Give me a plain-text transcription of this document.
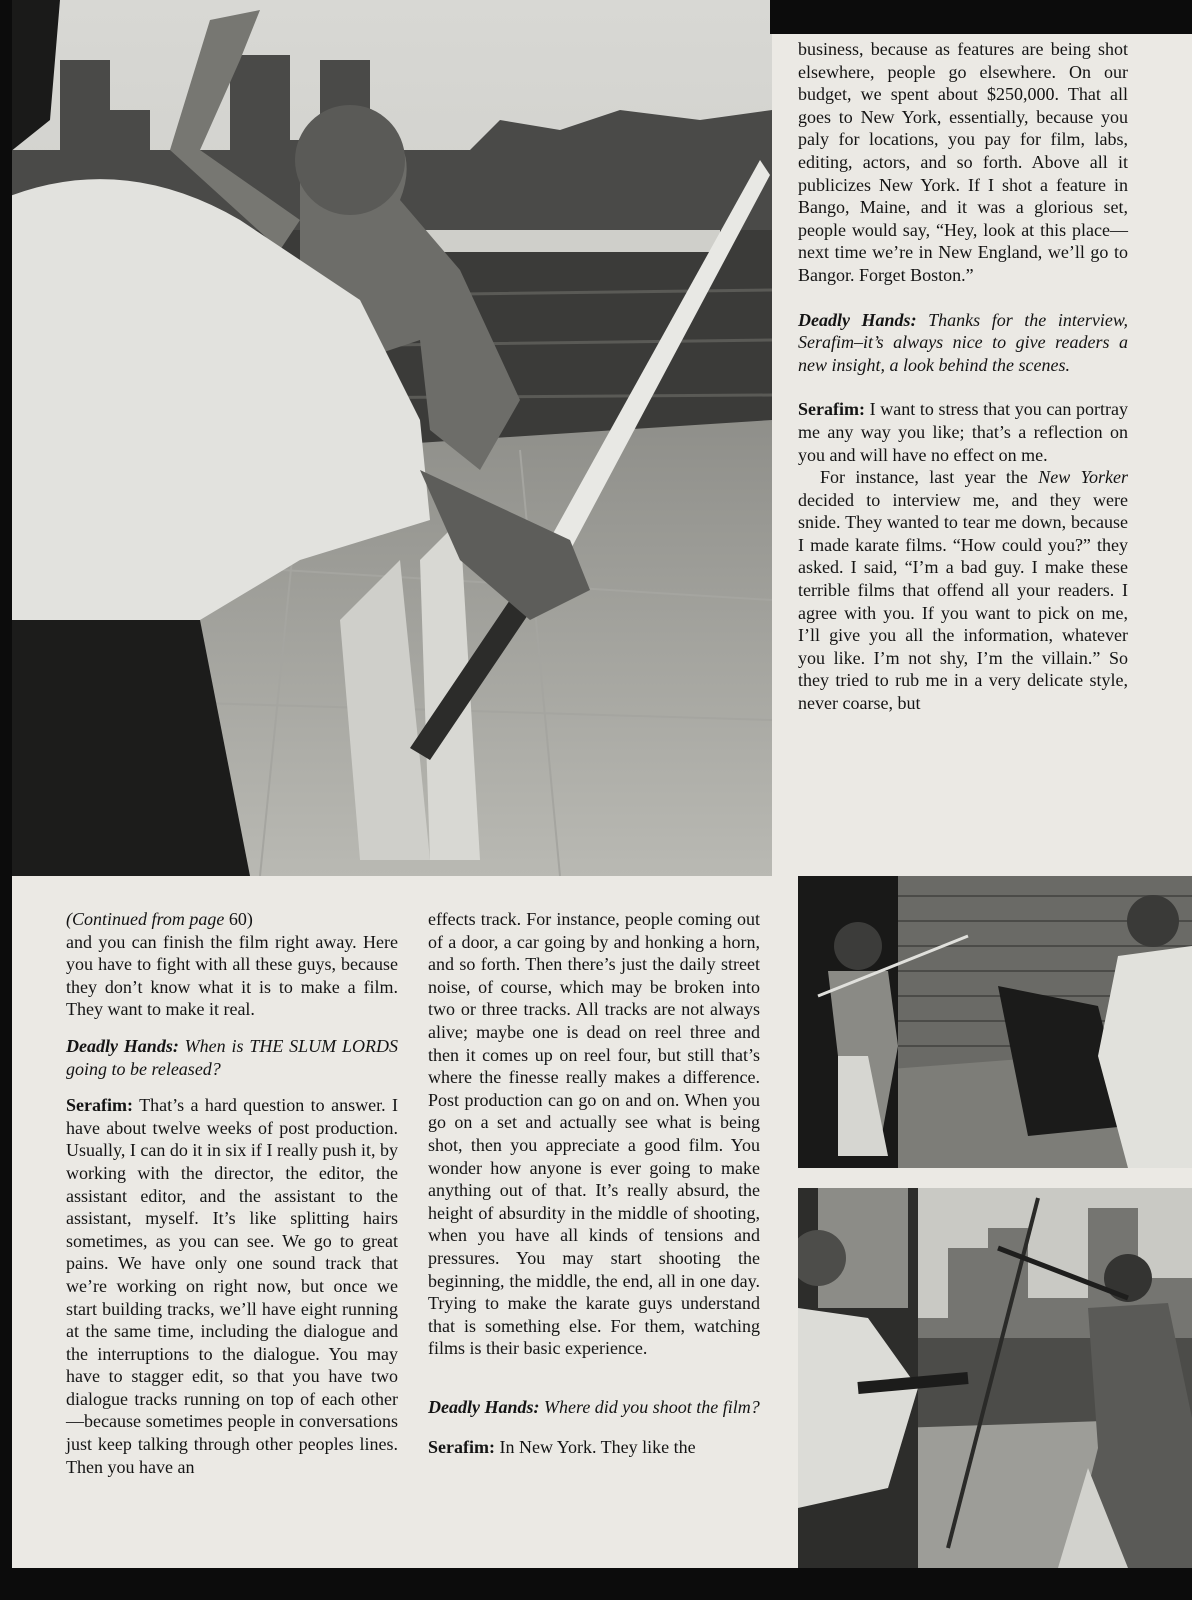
business, because as features are being shot elsewhere, people go elsewhere. On our budget, we spent about $250,000. That all goes to New York, essentially, because you paly for locations, you pay for film, labs, editing, actors, and so forth. Above all it publicizes New York. If I shot a feature in Bango, Maine, and it was a glorious set, people would say, “Hey, look at this place—next time we’re in New England, we’ll go to Bangor. Forget Boston.”

Deadly Hands: Thanks for the interview, Serafim–it’s always nice to give readers a new insight, a look behind the scenes.

Serafim: I want to stress that you can portray me any way you like; that’s a reflection on you and will have no effect on me.

For instance, last year the New Yorker decided to interview me, and they were snide. They wanted to tear me down, because I made karate films. “How could you?” they asked. I said, “I’m a bad guy. I make these terrible films that offend all your readers. I agree with you. If you want to pick on me, I’ll give you all the information, whatever you like. I’m not shy, I’m the villain.” So they tried to rub me in a very delicate style, never coarse, but

(Continued from page 60)

and you can finish the film right away. Here you have to fight with all these guys, because they don’t know what it is to make a film. They want to make it real.

Deadly Hands: When is THE SLUM LORDS going to be released?

Serafim: That’s a hard question to answer. I have about twelve weeks of post production. Usually, I can do it in six if I really push it, by working with the director, the editor, the assistant editor, and the assistant to the assistant, myself. It’s like splitting hairs sometimes, as you can see. We go to great pains. We have only one sound track that we’re working on right now, but once we start building tracks, we’ll have eight running at the same time, including the dialogue and the interruptions to the dialogue. You may have to stagger edit, so that you have two dialogue tracks running on top of each other—because sometimes people in conversations just keep talking through other peoples lines. Then you have an

effects track. For instance, people coming out of a door, a car going by and honking a horn, and so forth. Then there’s just the daily street noise, of course, which may be broken into two or three tracks. All tracks are not always alive; maybe one is dead on reel three and then it comes up on reel four, but still that’s where the finesse really makes a difference. Post production can go on and on. When you go on a set and actually see what is being shot, then you appreciate a good film. You wonder how anyone is ever going to make anything out of that. It’s really absurd, the height of absurdity in the middle of shooting, when you have all kinds of tensions and pressures. You may start shooting the beginning, the middle, the end, all in one day. Trying to make the karate guys understand that is something else. For them, watching films is their basic experience.

Deadly Hands: Where did you shoot the film?

Serafim: In New York. They like the
